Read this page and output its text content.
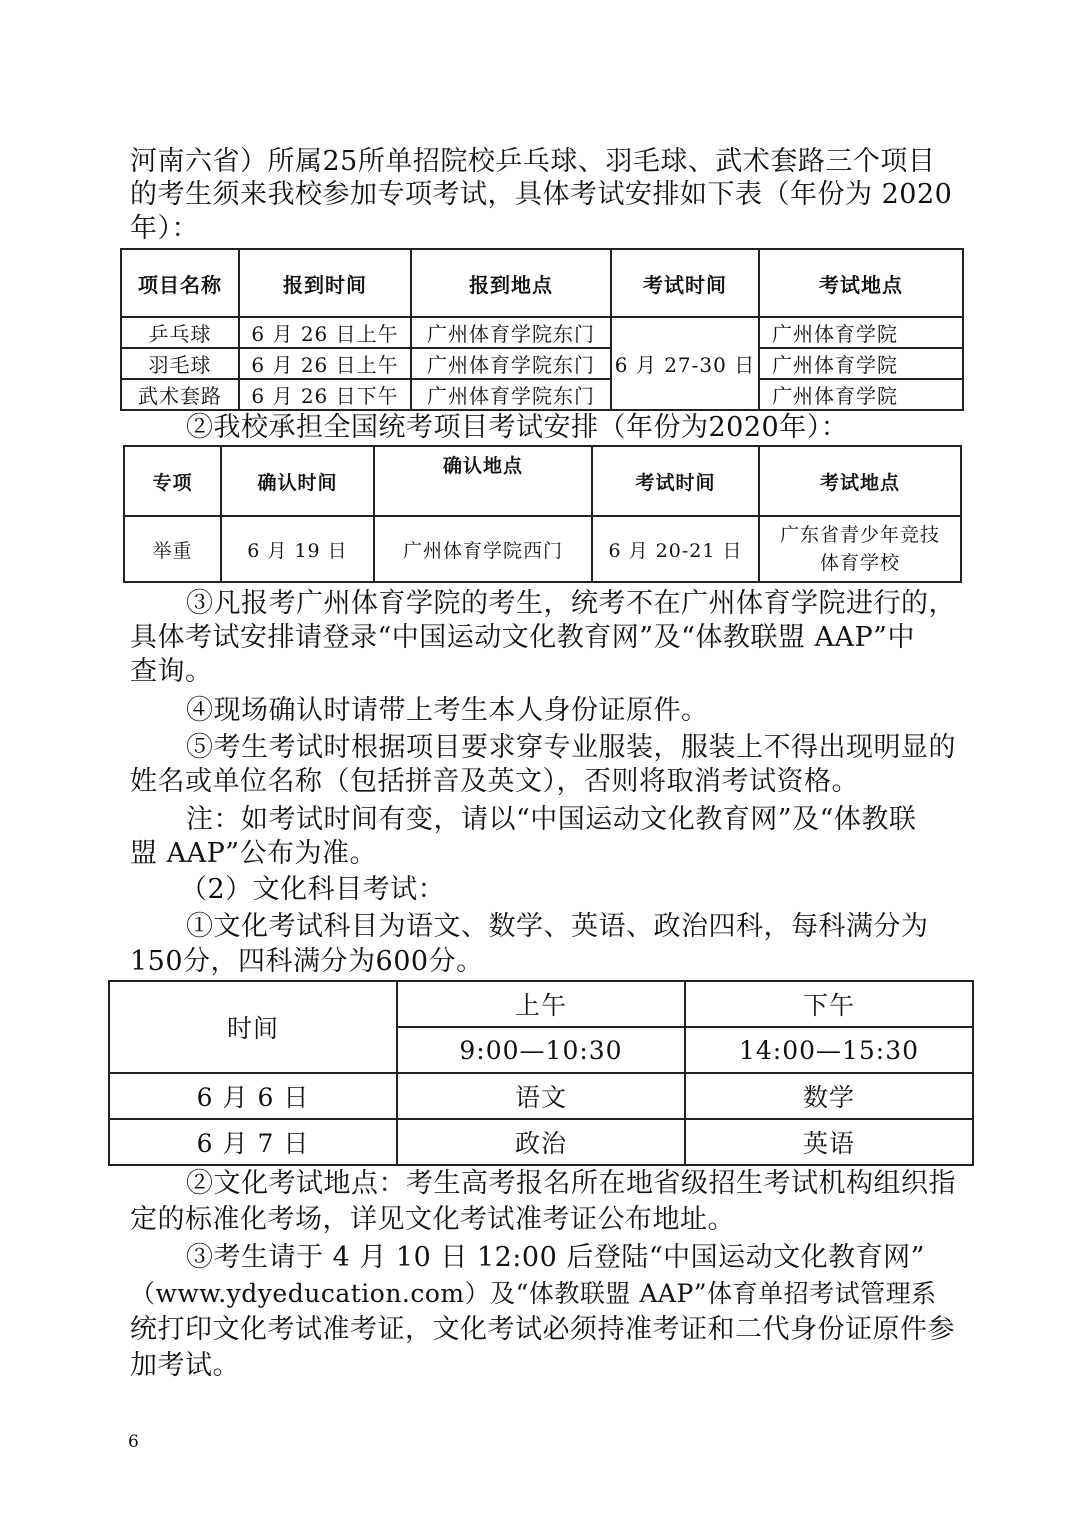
河南六省）所属25所单招院校乒乓球、羽毛球、武术套路三个项目
的考生须来我校参加专项考试，具体考试安排如下表（年份为 2020
年）：
项目名称	报到时间	报到地点	考试时间	考试地点
乒乓球	6 月 26 日上午	广州体育学院东门	6 月 27-30 日	广州体育学院
羽毛球	6 月 26 日上午	广州体育学院东门		广州体育学院
武术套路	6 月 26 日下午	广州体育学院东门		广州体育学院
②我校承担全国统考项目考试安排（年份为2020年）：
专项	确认时间	确认地点	考试时间	考试地点
举重	6 月 19 日	广州体育学院西门	6 月 20-21 日	广东省青少年竞技
体育学校
③凡报考广州体育学院的考生，统考不在广州体育学院进行的，
具体考试安排请登录“中国运动文化教育网”及“体教联盟 AAP”中
查询。
④现场确认时请带上考生本人身份证原件。
⑤考生考试时根据项目要求穿专业服装，服装上不得出现明显的
姓名或单位名称（包括拼音及英文），否则将取消考试资格。
注：如考试时间有变，请以“中国运动文化教育网”及“体教联
盟 AAP”公布为准。
（2）文化科目考试：
①文化考试科目为语文、数学、英语、政治四科，每科满分为
150分，四科满分为600分。
时间	上午	下午
	9:00—10:30	14:00—15:30
6 月 6 日	语文	数学
6 月 7 日	政治	英语
②文化考试地点：考生高考报名所在地省级招生考试机构组织指
定的标准化考场，详见文化考试准考证公布地址。
③考生请于 4 月 10 日 12:00 后登陆“中国运动文化教育网”
（www.ydyeducation.com）及“体教联盟 AAP”体育单招考试管理系
统打印文化考试准考证，文化考试必须持准考证和二代身份证原件参
加考试。
6
